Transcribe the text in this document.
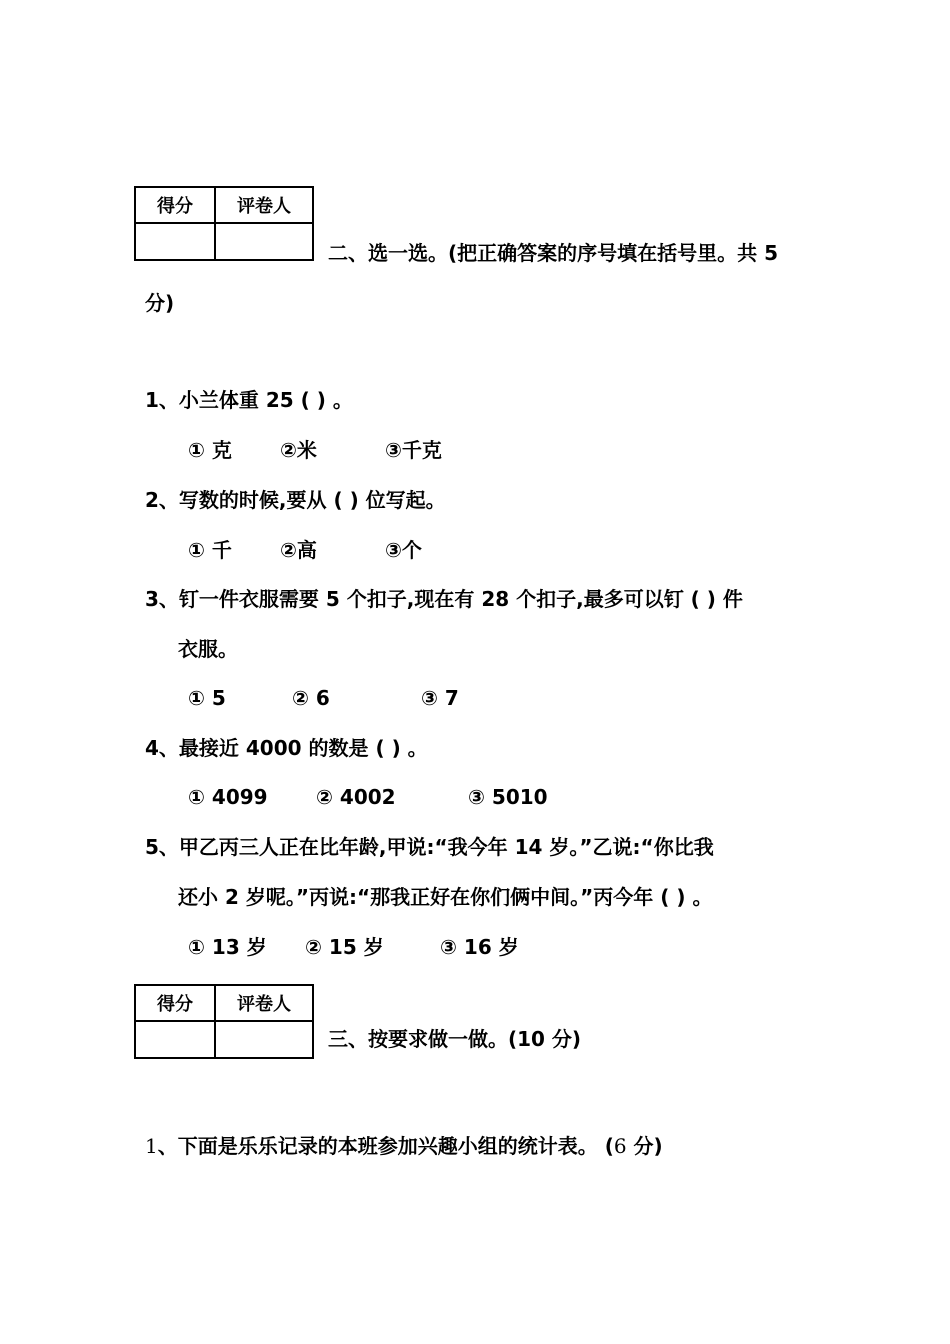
得分	评卷人

二、选一选。(把正确答案的序号填在括号里。共 5
分)
1、小兰体重 25 ( ) 。
① 克 ②米	③千克
2、写数的时候,要从 ( ) 位写起。
① 千 ②高	③个
3、钉一件衣服需要 5 个扣子,现在有 28 个扣子,最多可以钉 ( ) 件
衣服。
① 5	② 6	③ 7
4、最接近 4000 的数是 ( ) 。
① 4099 ② 4002	③ 5010
5、甲乙丙三人正在比年龄,甲说:“我今年 14 岁。”乙说:“你比我
还小 2 岁呢。”丙说:“那我正好在你们俩中间。”丙今年 ( ) 。
① 13 岁 ② 15 岁	③ 16 岁
得分	评卷人

三、按要求做一做。(10 分)
1、下面是乐乐记录的本班参加兴趣小组的统计表。 (6 分)
